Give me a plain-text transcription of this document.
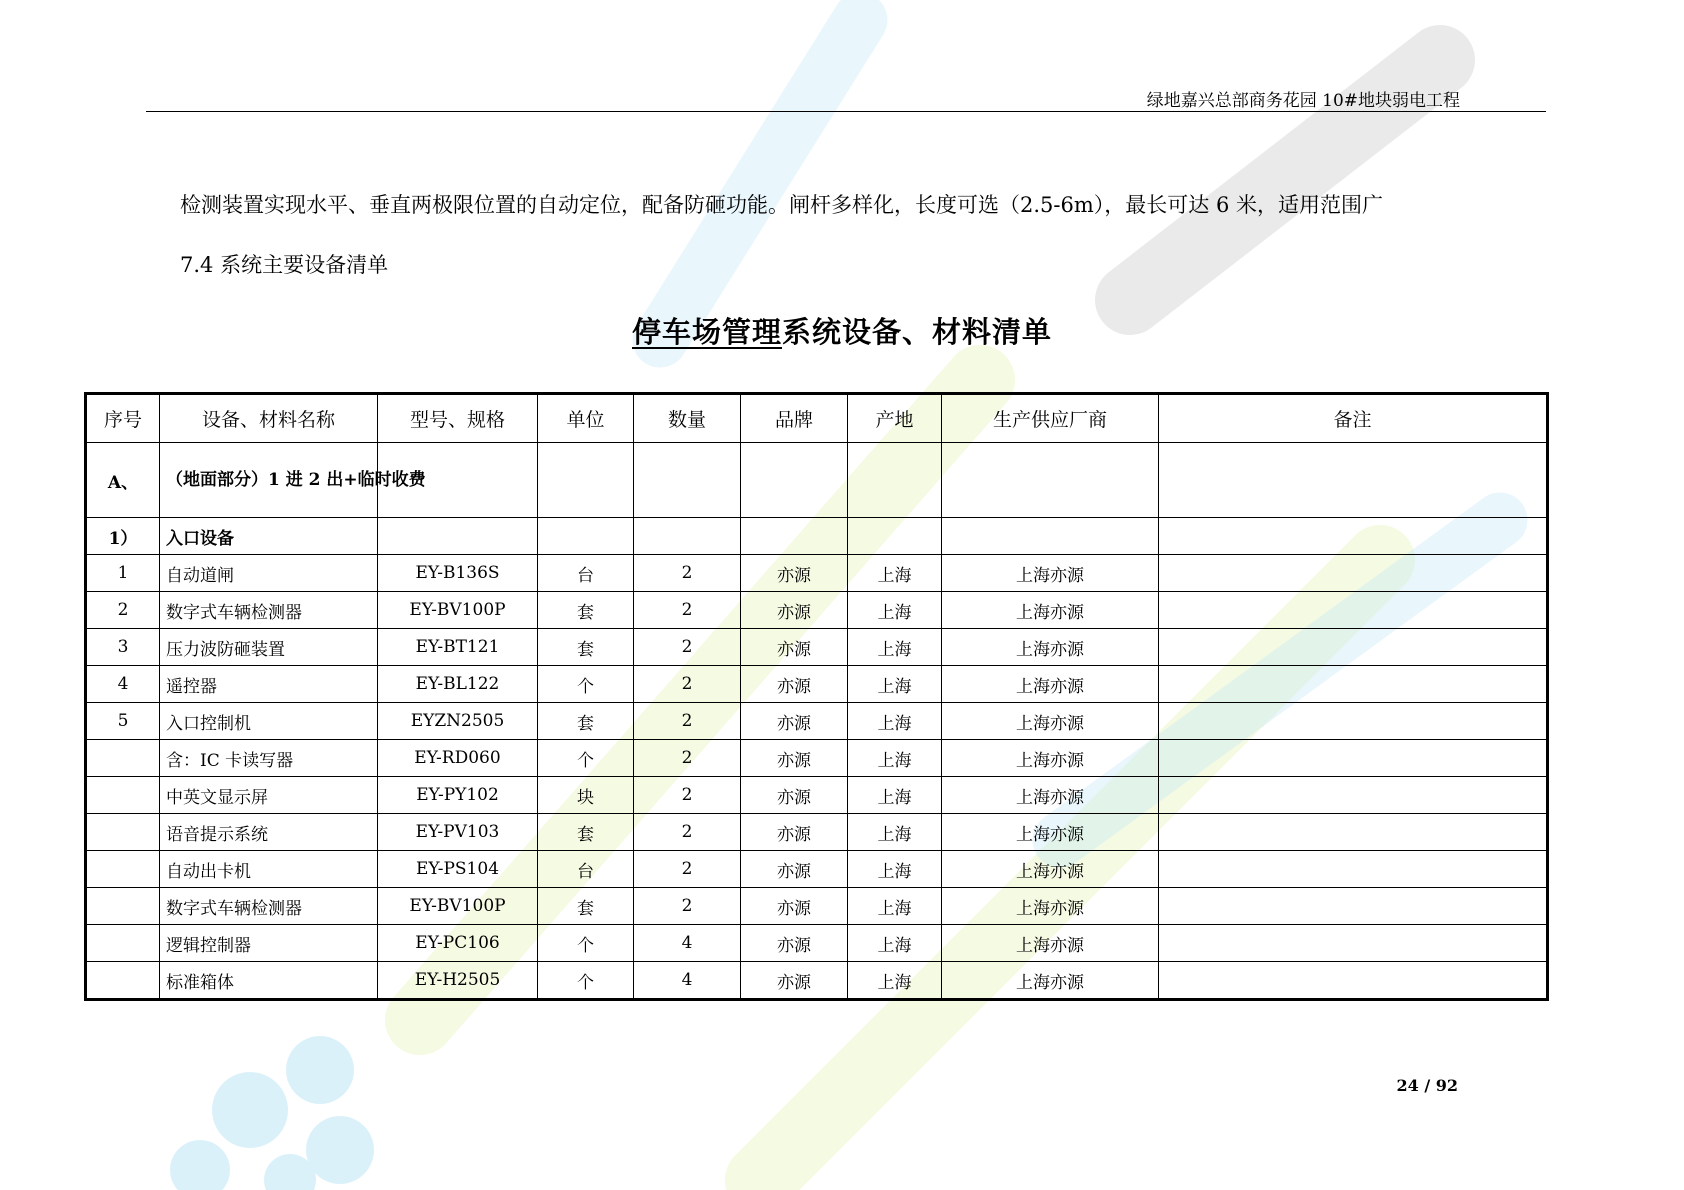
绿地嘉兴总部商务花园 10#地块弱电工程
检测装置实现水平、垂直两极限位置的自动定位，配备防砸功能。闸杆多样化，长度可选（2.5-6m），最长可达 6 米，适用范围广
7.4 系统主要设备清单
停车场管理系统设备、材料清单
序号	设备、材料名称	型号、规格	单位	数量	品牌	产地	生产供应厂商	备注
A、	（地面部分）1 进 2 出+临时收费							
1）	入口设备							
1	自动道闸	EY-B136S	台	2	亦源	上海	上海亦源	
2	数字式车辆检测器	EY-BV100P	套	2	亦源	上海	上海亦源	
3	压力波防砸装置	EY-BT121	套	2	亦源	上海	上海亦源	
4	遥控器	EY-BL122	个	2	亦源	上海	上海亦源	
5	入口控制机	EYZN2505	套	2	亦源	上海	上海亦源	
	含：IC 卡读写器	EY-RD060	个	2	亦源	上海	上海亦源	
	中英文显示屏	EY-PY102	块	2	亦源	上海	上海亦源	
	语音提示系统	EY-PV103	套	2	亦源	上海	上海亦源	
	自动出卡机	EY-PS104	台	2	亦源	上海	上海亦源	
	数字式车辆检测器	EY-BV100P	套	2	亦源	上海	上海亦源	
	逻辑控制器	EY-PC106	个	4	亦源	上海	上海亦源	
	标准箱体	EY-H2505	个	4	亦源	上海	上海亦源	
24 / 92
